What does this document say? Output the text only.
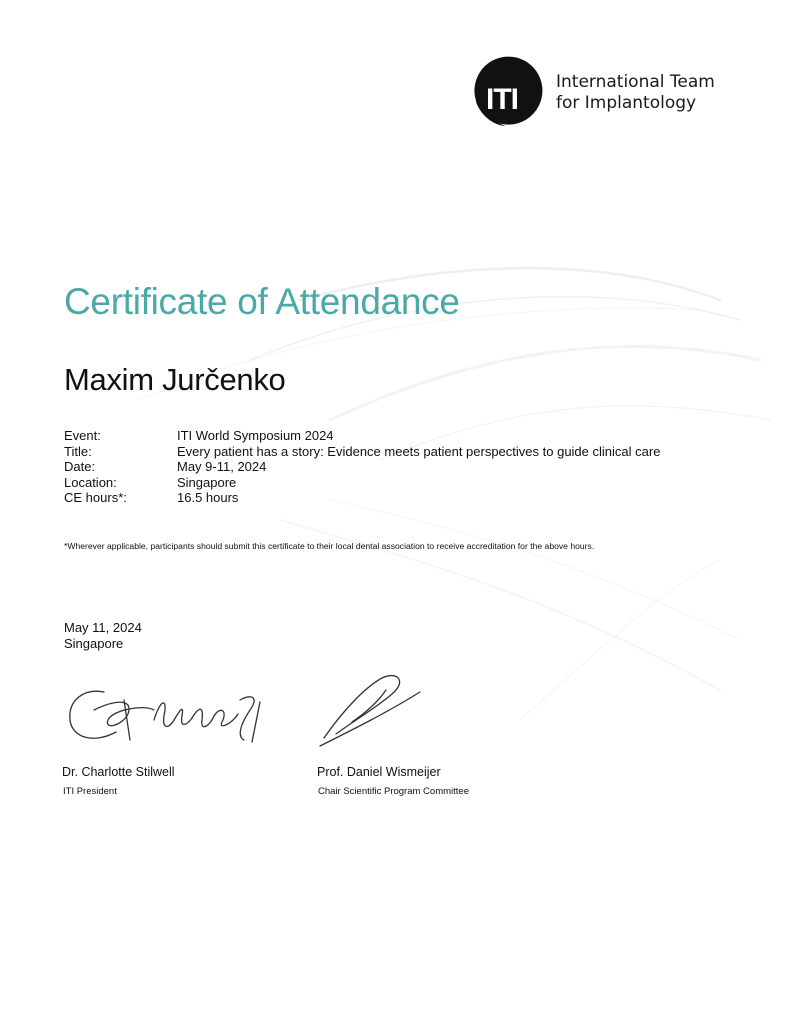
ITI
International Team
for Implantology
Certificate of Attendance
Maxim Jurčenko
Event:	ITI World Symposium 2024
Title:	Every patient has a story: Evidence meets patient perspectives to guide clinical care
Date:	May 9-11, 2024
Location:	Singapore
CE hours*:	16.5 hours
*Wherever applicable, participants should submit this certificate to their local dental association to receive accreditation for the above hours.
May 11, 2024
Singapore
Dr. Charlotte Stilwell
ITI President
Prof. Daniel Wismeijer
Chair Scientific Program Committee
